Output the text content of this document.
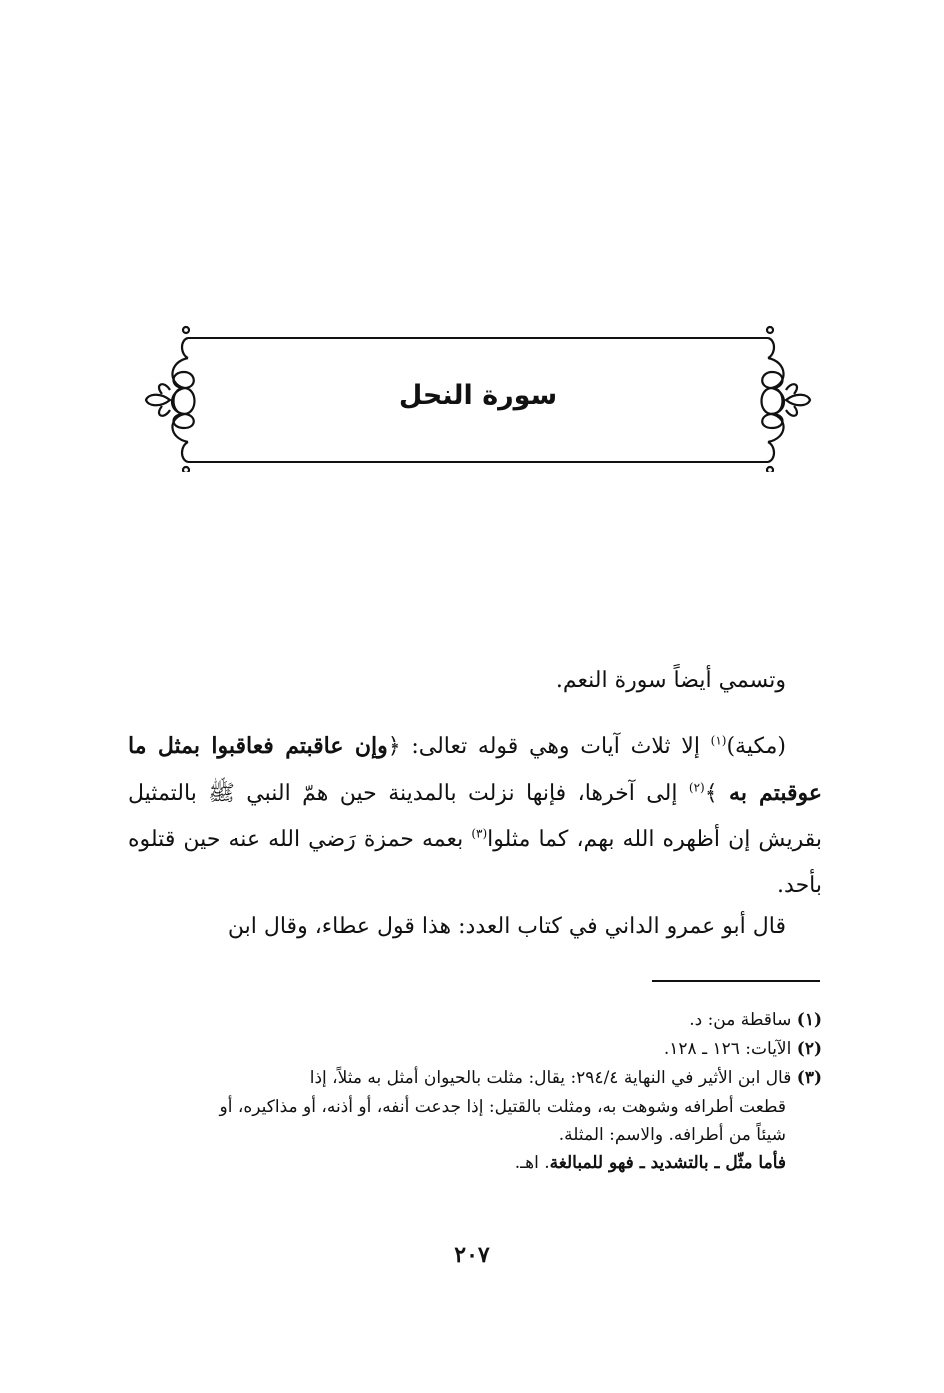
سورة النحل

وتسمي أيضاً سورة النعم.

(مكية)$^{(١)}$ إلا ثلاث آيات وهي قوله تعالى: ﴿وإن عاقبتم فعاقبوا بمثل ما عوقبتم به ﴾$^{(٢)}$ إلى آخرها، فإنها نزلت بالمدينة حين همّ النبي ﷺ بالتمثيل بقريش إن أظهره الله بهم، كما مثلوا$^{(٣)}$ بعمه حمزة رَضي الله عنه حين قتلوه بأحد.

قال أبو عمرو الداني في كتاب العدد: هذا قول عطاء، وقال ابن

(١) ساقطة من: د.

(٢) الآيات: ١٢٦ ـ ١٢٨.

(٣) قال ابن الأثير في النهاية ٢٩٤/٤: يقال: مثلت بالحيوان أمثل به مثلاً، إذا

قطعت أطرافه وشوهت به، ومثلت بالقتيل: إذا جدعت أنفه، أو أذنه، أو مذاكيره، أو

شيئاً من أطرافه. والاسم: المثلة.

فأما مثّل ـ بالتشديد ـ فهو للمبالغة. اهـ.

٢٠٧
